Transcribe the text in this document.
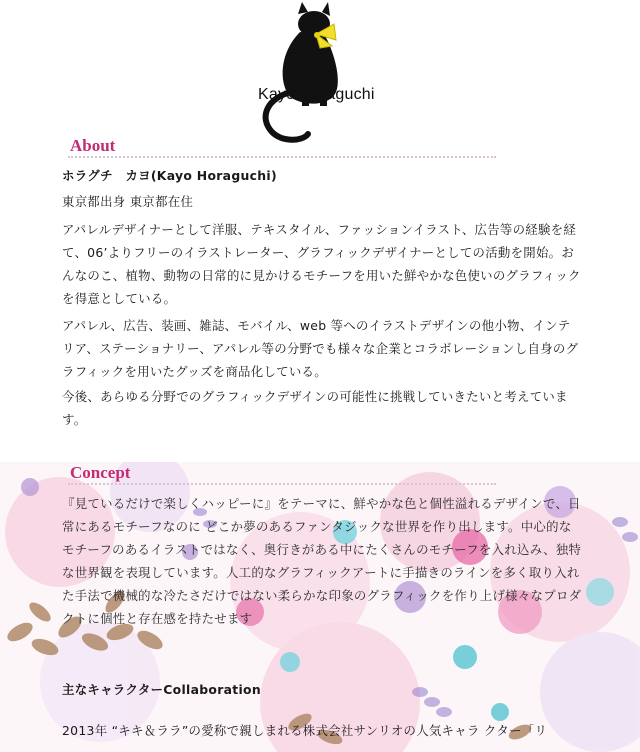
Kayo Horaguchi
About

ホラグチ　カヨ(Kayo Horaguchi)

東京都出身 東京都在住

アパレルデザイナーとして洋服、テキスタイル、ファッションイラスト、広告等の経験を経て、06’よりフリーのイラストレーター、グラフィックデザイナーとしての活動を開始。おんなのこ、植物、動物の日常的に見かけるモチーフを用いた鮮やかな色使いのグラフィックを得意としている。

アパレル、広告、装画、雑誌、モバイル、web 等へのイラストデザインの他小物、インテリア、ステーショナリー、アパレル等の分野でも様々な企業とコラボレーションし自身のグラフィックを用いたグッズを商品化している。

今後、あらゆる分野でのグラフィックデザインの可能性に挑戦していきたいと考えています。

Concept

『見ているだけで楽しくハッピーに』をテーマに、鮮やかな色と個性溢れるデザインで、日常にあるモチーフなのに どこか夢のあるファンタジックな世界を作り出します。中心的なモチーフのあるイラストではなく、奥行きがある中にたくさんのモチーフを入れ込み、独特な世界観を表現しています。人工的なグラフィックアートに手描きのラインを多く取り入れた手法で機械的な冷たさだけではない柔らかな印象のグラフィックを作り上げ様々なプロダクトに個性と存在感を持たせます

主なキャラクターCollaboration

2013年 “キキ＆ララ”の愛称で親しまれる株式会社サンリオの人気キャラ クター「リ
